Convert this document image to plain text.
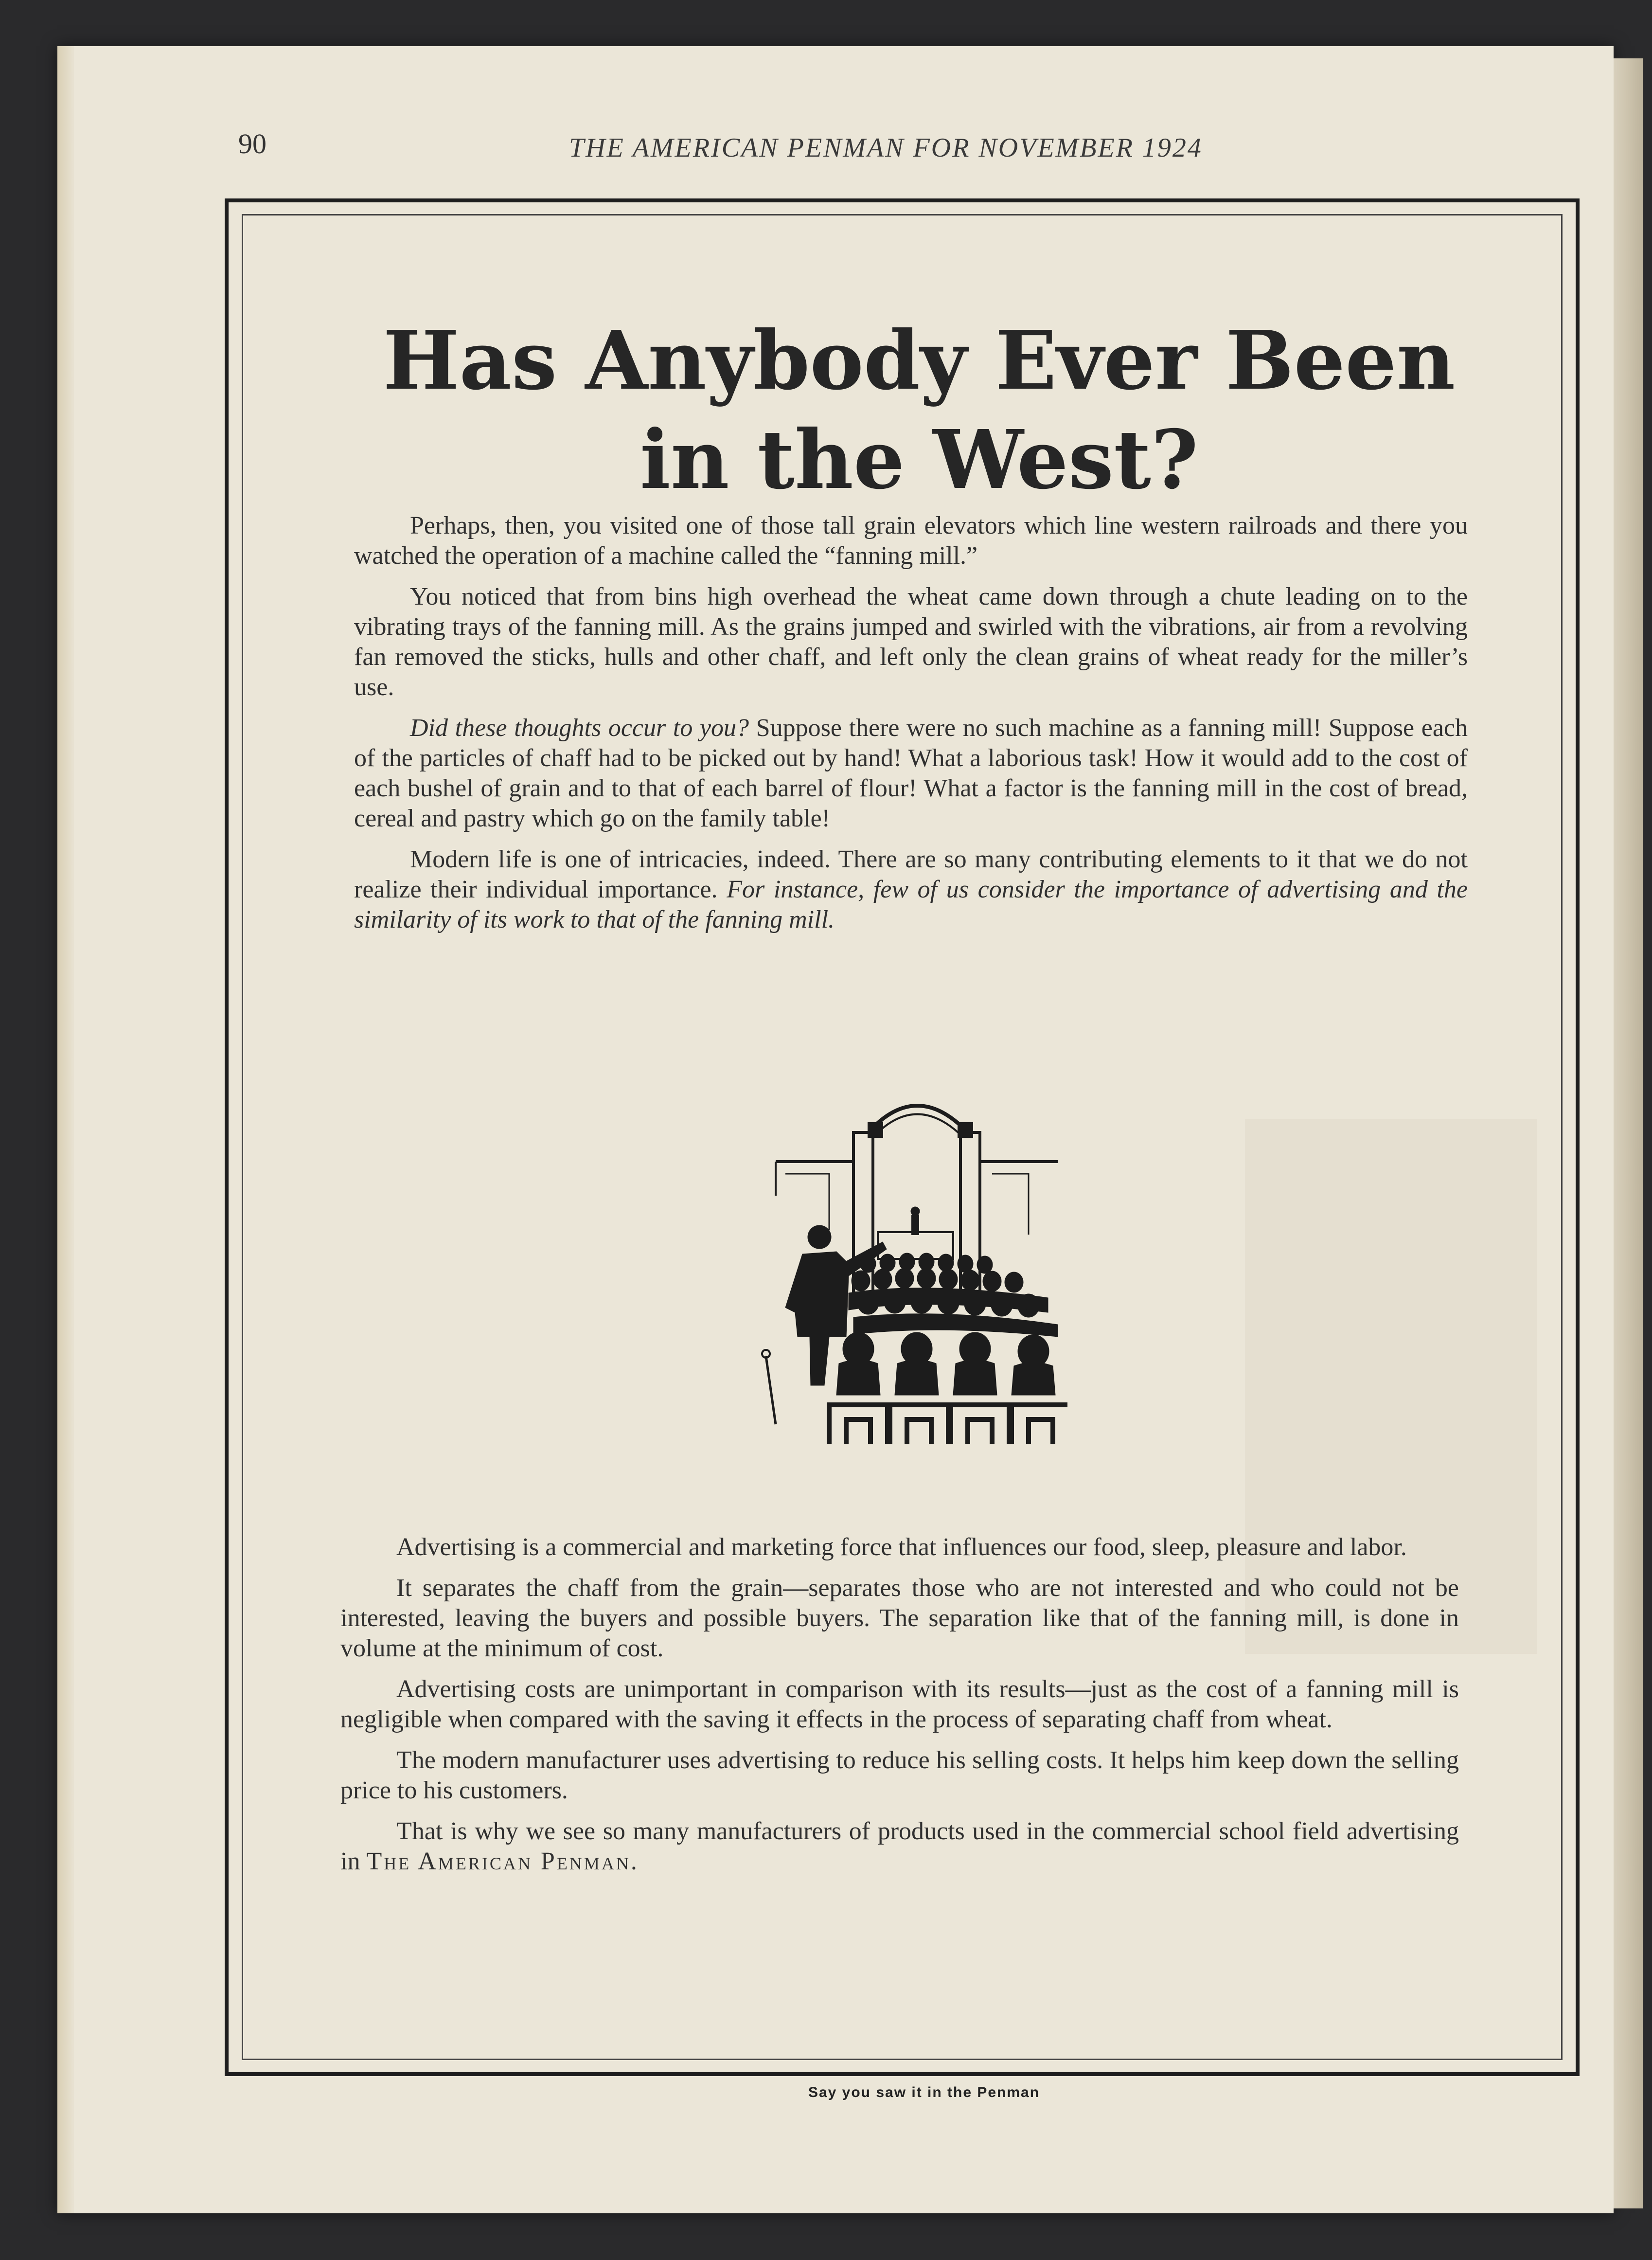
90	THE AMERICAN PENMAN FOR NOVEMBER 1924
Has Anybody Ever Been
in the West?

Perhaps, then, you visited one of those tall grain elevators which line western railroads and there you watched the operation of a machine called the “fanning mill.”

You noticed that from bins high overhead the wheat came down through a chute leading on to the vibrating trays of the fanning mill. As the grains jumped and swirled with the vibrations, air from a revolving fan removed the sticks, hulls and other chaff, and left only the clean grains of wheat ready for the miller’s use.

Did these thoughts occur to you? Suppose there were no such machine as a fanning mill! Suppose each of the particles of chaff had to be picked out by hand! What a laborious task! How it would add to the cost of each bushel of grain and to that of each barrel of flour! What a factor is the fanning mill in the cost of bread, cereal and pastry which go on the family table!

Modern life is one of intricacies, indeed. There are so many contributing elements to it that we do not realize their individual importance. For instance, few of us consider the importance of advertising and the similarity of its work to that of the fanning mill.

Advertising is a commercial and marketing force that influences our food, sleep, pleasure and labor.

It separates the chaff from the grain—separates those who are not interested and who could not be interested, leaving the buyers and possible buyers. The separation like that of the fanning mill, is done in volume at the minimum of cost.

Advertising costs are unimportant in comparison with its results—just as the cost of a fanning mill is negligible when compared with the saving it effects in the process of separating chaff from wheat.

The modern manufacturer uses advertising to reduce his selling costs. It helps him keep down the selling price to his customers.

That is why we see so many manufacturers of products used in the commercial school field advertising in The American Penman.

Say you saw it in the Penman
